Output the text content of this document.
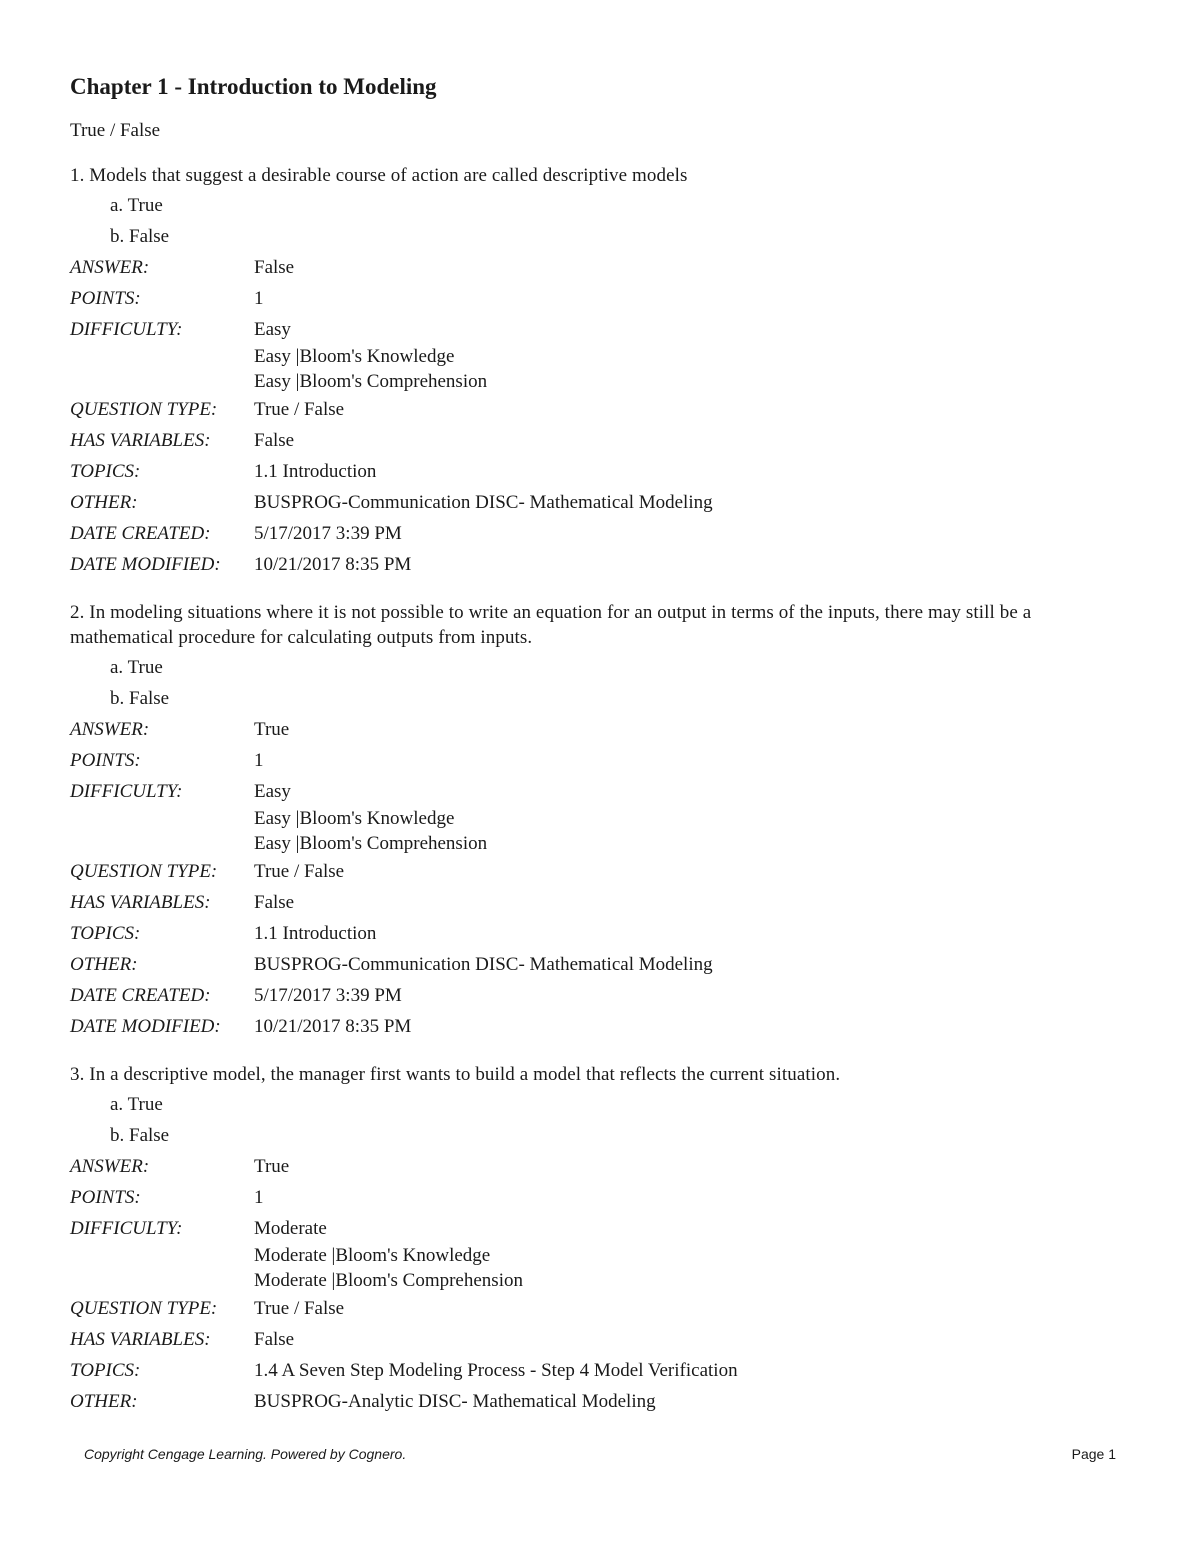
Chapter 1 - Introduction to Modeling
True / False
1. Models that suggest a desirable course of action are called descriptive models
a. True
b. False
ANSWER:	False
POINTS:	1
DIFFICULTY:	Easy
Easy |Bloom's Knowledge
Easy |Bloom's Comprehension
QUESTION TYPE:	True / False
HAS VARIABLES:	False
TOPICS:	1.1 Introduction
OTHER:	BUSPROG-Communication DISC- Mathematical Modeling
DATE CREATED:	5/17/2017 3:39 PM
DATE MODIFIED:	10/21/2017 8:35 PM
2. In modeling situations where it is not possible to write an equation for an output in terms of the inputs, there may still be a mathematical procedure for calculating outputs from inputs.
a. True
b. False
ANSWER:	True
POINTS:	1
DIFFICULTY:	Easy
Easy |Bloom's Knowledge
Easy |Bloom's Comprehension
QUESTION TYPE:	True / False
HAS VARIABLES:	False
TOPICS:	1.1 Introduction
OTHER:	BUSPROG-Communication DISC- Mathematical Modeling
DATE CREATED:	5/17/2017 3:39 PM
DATE MODIFIED:	10/21/2017 8:35 PM
3. In a descriptive model, the manager first wants to build a model that reflects the current situation.
a. True
b. False
ANSWER:	True
POINTS:	1
DIFFICULTY:	Moderate
Moderate |Bloom's Knowledge
Moderate |Bloom's Comprehension
QUESTION TYPE:	True / False
HAS VARIABLES:	False
TOPICS:	1.4 A Seven Step Modeling Process - Step 4 Model Verification
OTHER:	BUSPROG-Analytic DISC- Mathematical Modeling
Copyright Cengage Learning. Powered by Cognero.	Page 1
